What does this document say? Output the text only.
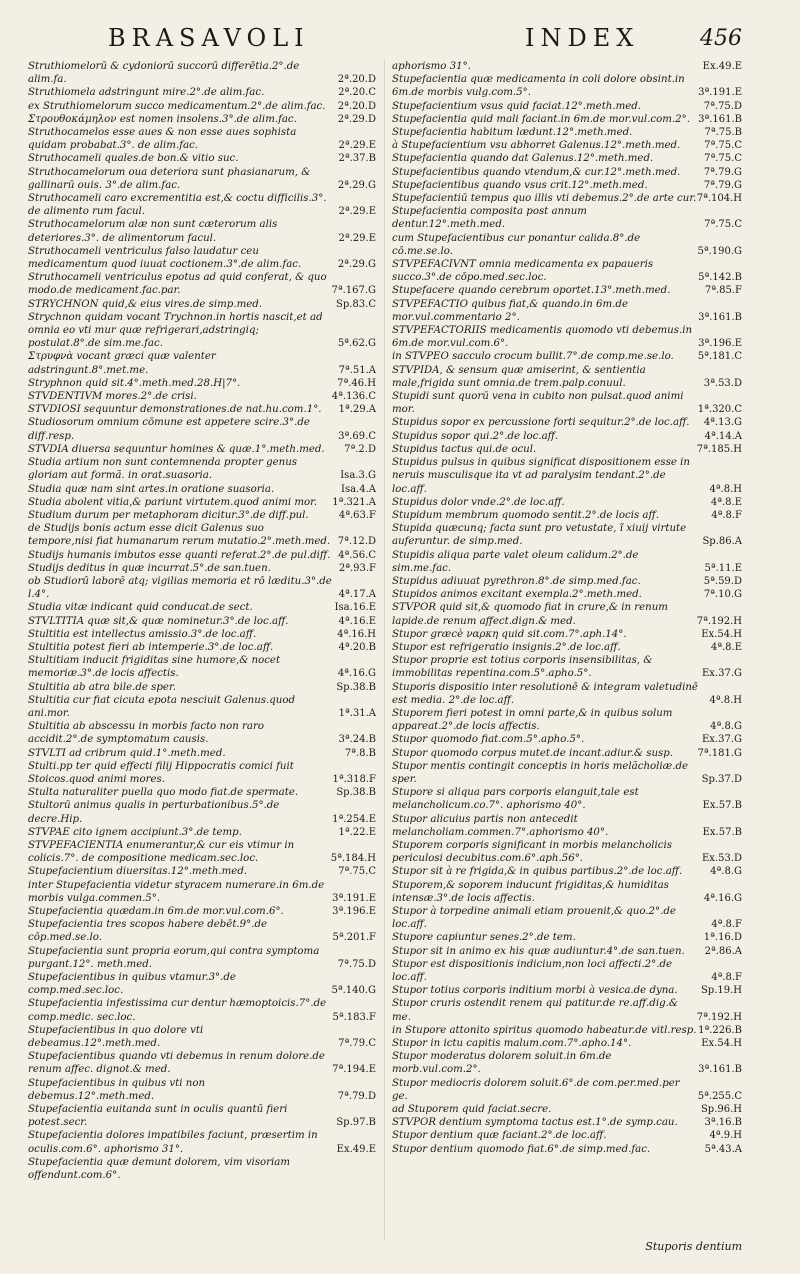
BRASAVOLI	INDEX	456
Struthiomelorū & cydoniorū succorū differētia.2°.de alim.fa.	2ª.20.D
Struthiomela adstringunt mire.2°.de alim.fac.	2ª.20.C
ex Struthiomelorum succo medicamentum.2°.de alim.fac. 2ª.20.D
Στρουθοκάμηλον est nomen insolens.3°.de alim.fac.	2ª.29.D
Struthocamelos esse aues & non esse aues sophista quidam probabat.3°. de alim.fac.	2ª.29.E
Struthocameli quales.de bon.& vitio suc.	2ª.37.B
Struthocamelorum oua deteriora sunt phasianarum, & gallinarū ouis. 3°.de alim.fac.	2ª.29.G
Struthocameli caro excrementitia est,& coctu difficilis.3°. de alimento rum facul.	2ª.29.E
Struthocamelorum alæ non sunt cæterorum alis deteriores.3°. de alimentorum facul.	2ª.29.E
Struthocameli ventriculus falso laudatur ceu medicamentum quod iuuat coctionem.3°.de alim.fac.	2ª.29.G
Struthocameli ventriculus epotus ad quid conferat, & quo modo.de medicament.fac.par.	7ª.167.G
STRYCHNON quid,& eius vires.de simp.med.	Sp.83.C
Strychnon quidam vocant Trychnon.in hortis nascit,et ad omnia eo vti mur quæ refrigerari,adstringiq; postulat.8°.de sim.me.fac.	5ª.62.G
Στρυφνὰ vocant græci quæ valenter adstringunt.8°.met.me.	7ª.51.A
Stryphnon quid sit.4°.meth.med.28.H|7°.	7ª.46.H
STVDENTIVM mores.2°.de crisi.	4ª.136.C
STVDIOSI sequuntur demonstrationes.de nat.hu.com.1°. 1ª.29.A
Studiosorum omnium cōmune est appetere scire.3°.de diff.resp.	3ª.69.C
STVDIA diuersa sequuntur homines & quæ.1°.meth.med. 7ª.2.D
Studia artium non sunt contemnenda propter genus gloriam aut formã. in orat.suasoria.	Isa.3.G
Studia quæ nam sint artes.in oratione suasoria.	Isa.4.A
Studia abolent vitia,& pariunt virtutem.quod animi mor. 1ª.321.A
Studium durum per metaphoram dicitur.3°.de diff.pul.	4ª.63.F
de Studijs bonis actum esse dicit Galenus suo tempore,nisi fiat humanarum rerum mutatio.2°.meth.med. 7ª.12.D
Studijs humanis imbutos esse quanti referat.2°.de pul.diff. 4ª.56.C
Studijs deditus in quæ incurrat.5°.de san.tuen.	2ª.93.F
ob Studiorū laborē atq; vigilias memoria et rō læditu.3°.de l.4°.	4ª.17.A
Studia vitæ indicant quid conducat.de sect.	Isa.16.E
STVLTITIA quæ sit,& quæ nominetur.3°.de loc.aff.	4ª.16.E
Stultitia est intellectus amissio.3°.de loc.aff.	4ª.16.H
Stultitia potest fieri ab intemperie.3°.de loc.aff.	4ª.20.B
Stultitiam inducit frigiditas sine humore,& nocet memoriæ.3°.de locis affectis.	4ª.16.G
Stultitia ab atra bile.de sper.	Sp.38.B
Stultitia cur fiat cicuta epota nesciuit Galenus.quod ani.mor.	1ª.31.A
Stultitia ab abscessu in morbis facto non raro accidit.2°.de symptomatum causis.	3ª.24.B
STVLTI ad cribrum quid.1°.meth.med.	7ª.8.B
Stulti.pp ter quid effecti filij Hippocratis comici fuit Stoicos.quod animi mores.	1ª.318.F
Stulta naturaliter puella quo modo fiat.de spermate.	Sp.38.B
Stultorū animus qualis in perturbationibus.5°.de decre.Hip.	1ª.254.E
STVPAE cito ignem accipiunt.3°.de temp.	1ª.22.E
STVPEFACIENTIA enumerantur,& cur eis vtimur in colicis.7°. de compositione medicam.sec.loc.	5ª.184.H
Stupefacientium diuersitas.12°.meth.med.	7ª.75.C
inter Stupefacientia videtur styracem numerare.in 6m.de morbis vulga.commen.5°.	3ª.191.E
Stupefacientia quædam.in 6m.de mor.vul.com.6°.	3ª.196.E
Stupefacientia tres scopos habere debēt.9°.de cōp.med.se.lo.	5ª.201.F
Stupefacientia sunt propria eorum,qui contra symptoma purgant.12°. meth.med.	7ª.75.D
Stupefacientibus in quibus vtamur.3°.de comp.med.sec.loc.	5ª.140.G
Stupefacientia infestissima cur dentur hæmoptoicis.7°.de comp.medic. sec.loc.	5ª.183.F
Stupefacientibus in quo dolore vti debeamus.12°.meth.med.	7ª.79.C
Stupefacientibus quando vti debemus in renum dolore.de renum affec. dignot.& med.	7ª.194.E
Stupefacientibus in quibus vti non debemus.12°.meth.med.	7ª.79.D
Stupefacientia euitanda sunt in oculis quantū fieri potest.secr.	Sp.97.B
Stupefacientia dolores impatibiles faciunt, præsertim in oculis.com.6°. aphorismo 31°.	Ex.49.E
Stupefacientia quæ demunt dolorem, vim visoriam offendunt.com.6°.
aphorismo 31°.	Ex.49.E
Stupefacientia quæ medicamenta in coli dolore obsint.in 6m.de morbis vulg.com.5°.	3ª.191.E
Stupefacientium vsus quid faciat.12°.meth.med.	7ª.75.D
Stupefacientia quid mali faciant.in 6m.de mor.vul.com.2°. 3ª.161.B
Stupefacientia habitum lædunt.12°.meth.med.	7ª.75.B
à Stupefacientium vsu abhorret Galenus.12°.meth.med. 7ª.75.C
Stupefacientia quando dat Galenus.12°.meth.med.	7ª.75.C
Stupefacientibus quando vtendum,& cur.12°.meth.med. 7ª.79.G
Stupefacientibus quando vsus crit.12°.meth.med.	7ª.79.G
Stupefacientiū tempus quo illis vti debemus.2°.de arte cur. 7ª.104.H
Stupefacientia composita post annum dentur.12°.meth.med.	7ª.75.C
cum Stupefacientibus cur ponantur calida.8°.de cō.me.se.lo.	5ª.190.G
STVPEFACIVNT omnia medicamenta ex papaueris succo.3°.de cōpo.med.sec.loc.	5ª.142.B
Stupefacere quando cerebrum oportet.13°.meth.med.	7ª.85.F
STVPEFACTIO quibus fiat,& quando.in 6m.de mor.vul.commentario 2°.	3ª.161.B
STVPEFACTORIIS medicamentis quomodo vti debemus.in 6m.de mor.vul.com.6°.	3ª.196.E
in STVPEO sacculo crocum bullit.7°.de comp.me.se.lo. 5ª.181.C
STVPIDA, & sensum quæ amiserint, & sentientia male,frigida sunt omnia.de trem.palp.conuul.	3ª.53.D
Stupidi sunt quorū vena in cubito non pulsat.quod animi mor.	1ª.320.C
Stupidus sopor ex percussione forti sequitur.2°.de loc.aff. 4ª.13.G
Stupidus sopor qui.2°.de loc.aff.	4ª.14.A
Stupidus tactus qui.de ocul.	7ª.185.H
Stupidus pulsus in quibus significat dispositionem esse in neruis musculisque ita vt ad paralysim tendant.2°.de loc.aff.	4ª.8.H
Stupidus dolor vnde.2°.de loc.aff.	4ª.8.E
Stupidum membrum quomodo sentit.2°.de locis aff.	4ª.8.F
Stupida quæcunq; facta sunt pro vetustate, ĩ xiuij virtute auferuntur. de simp.med.	Sp.86.A
Stupidis aliqua parte valet oleum calidum.2°.de sim.me.fac.	5ª.11.E
Stupidus adiuuat pyrethron.8°.de simp.med.fac.	5ª.59.D
Stupidos animos excitant exempla.2°.meth.med.	7ª.10.G
STVPOR quid sit,& quomodo fiat in crure,& in renum lapide.de renum affect.dign.& med.	7ª.192.H
Stupor græcè ναρκη quid sit.com.7°.aph.14°.	Ex.54.H
Stupor est refrigeratio insignis.2°.de loc.aff.	4ª.8.E
Stupor proprie est totius corporis insensibilitas, & immobilitas repentina.com.5°.apho.5°.	Ex.37.G
Stuporis dispositio inter resolutionē & integram valetudinē est media. 2°.de loc.aff.	4ª.8.H
Stuporem fieri potest in omni parte,& in quibus solum appareat.2°.de locis affectis.	4ª.8.G
Stupor quomodo fiat.com.5°.apho.5°.	Ex.37.G
Stupor quomodo corpus mutet.de incant.adiur.& susp. 7ª.181.G
Stupor mentis contingit conceptis in horis melãcholiæ.de sper.	Sp.37.D
Stupore si aliqua pars corporis elanguit,tale est melancholicum.co.7°. aphorismo 40°.	Ex.57.B
Stupor alicuius partis non antecedit melancholiam.commen.7°.aphorismo 40°.	Ex.57.B
Stuporem corporis significant in morbis melancholicis periculosi decubitus.com.6°.aph.56°.	Ex.53.D
Stupor sit à re frigida,& in quibus partibus.2°.de loc.aff.	4ª.8.G
Stuporem,& soporem inducunt frigiditas,& humiditas intensæ.3°.de locis affectis.	4ª.16.G
Stupor à torpedine animali etiam prouenit,& quo.2°.de loc.aff.	4ª.8.F
Stupore capiuntur senes.2°.de tem.	1ª.16.D
Stupor sit in animo ex his quæ audiuntur.4°.de san.tuen. 2ª.86.A
Stupor est dispositionis indicium,non loci affecti.2°.de loc.aff.	4ª.8.F
Stupor totius corporis inditium morbi à vesica.de dyna. Sp.19.H
Stupor cruris ostendit renem qui patitur.de re.aff.dig.& me.	7ª.192.H
in Stupore attonito spiritus quomodo habeatur.de vitl.resp. 1ª.226.B
Stupor in ictu capitis malum.com.7°.apho.14°.	Ex.54.H
Stupor moderatus dolorem soluit.in 6m.de morb.vul.com.2°.	3ª.161.B
Stupor mediocris dolorem soluit.6°.de com.per.med.per ge.	5ª.255.C
ad Stuporem quid faciat.secre.	Sp.96.H
STVPOR dentium symptoma tactus est.1°.de symp.cau.	3ª.16.B
Stupor dentium quæ faciant.2°.de loc.aff.	4ª.9.H
Stupor dentium quomodo fiat.6°.de simp.med.fac.	5ª.43.A
Stuporis dentium
